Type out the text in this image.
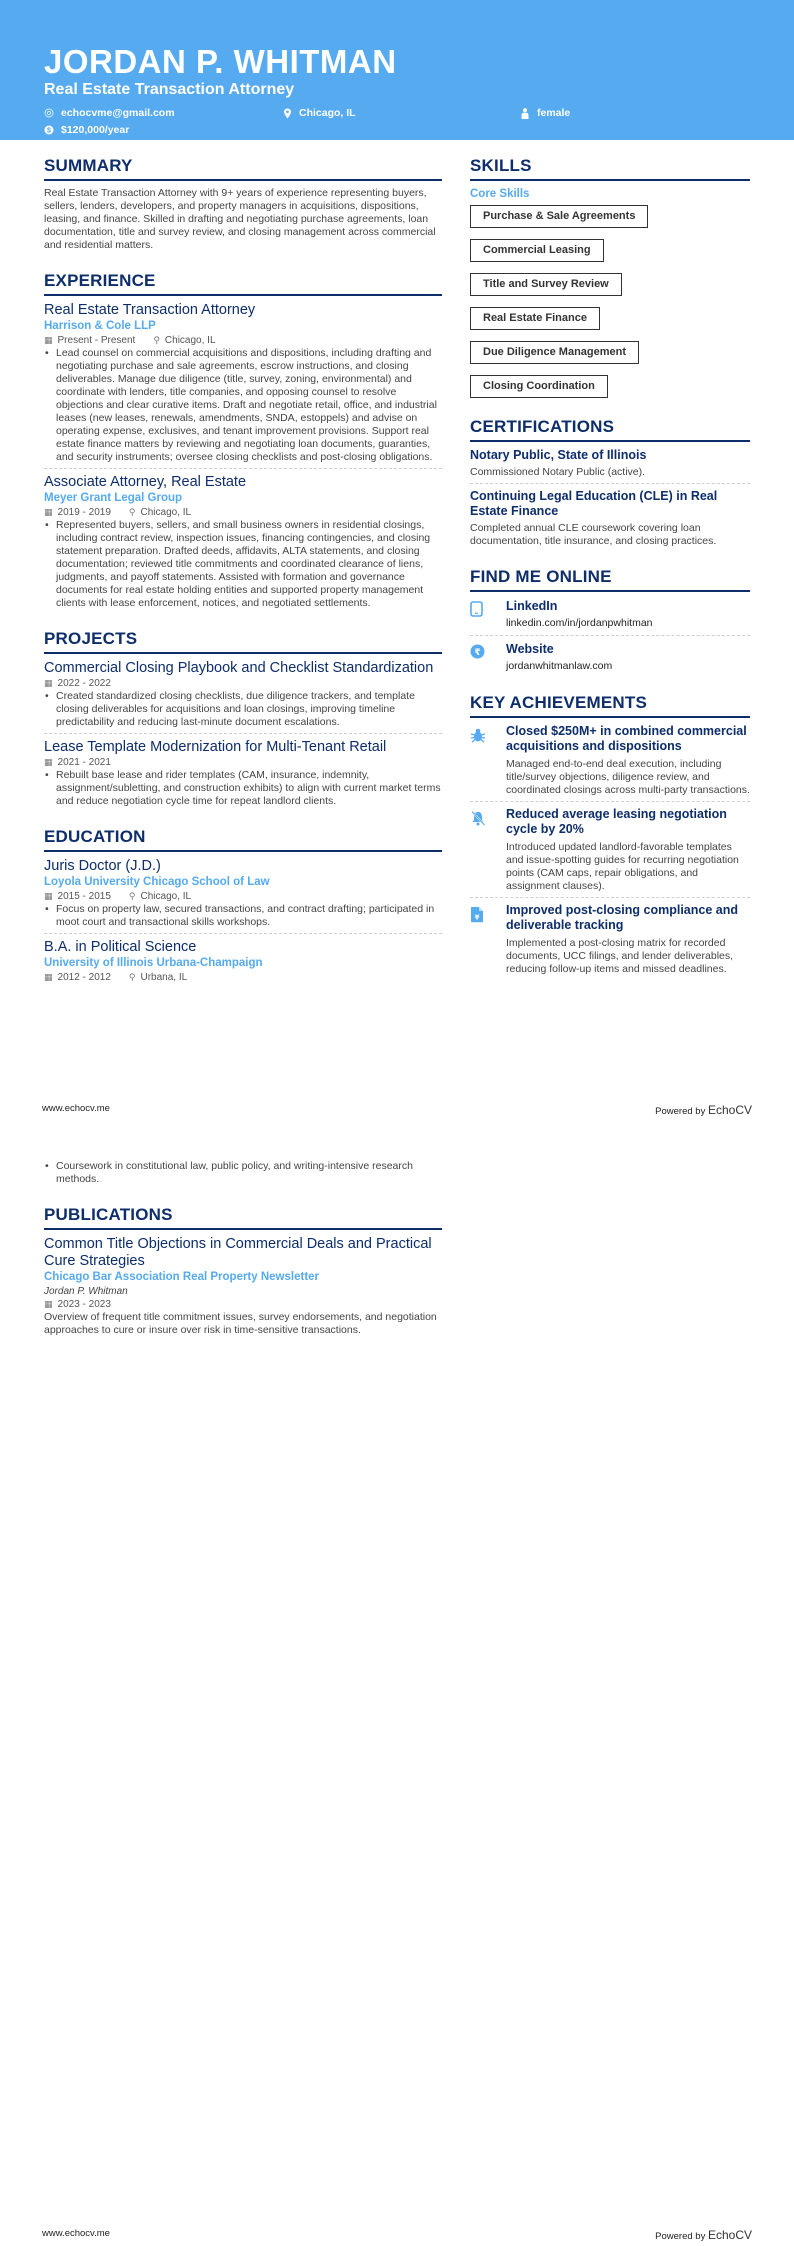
JORDAN P. WHITMAN
Real Estate Transaction Attorney
echocvme@gmail.com	Chicago, IL	female
$ $120,000/year
SUMMARY
Real Estate Transaction Attorney with 9+ years of experience representing buyers, sellers, lenders, developers, and property managers in acquisitions, dispositions, leasing, and finance. Skilled in drafting and negotiating purchase agreements, loan documentation, title and survey review, and closing management across commercial and residential matters.
EXPERIENCE
Real Estate Transaction Attorney
Harrison & Cole LLP
▦ Present - Present ⚲ Chicago, IL
• Lead counsel on commercial acquisitions and dispositions, including drafting and negotiating purchase and sale agreements, escrow instructions, and closing deliverables. Manage due diligence (title, survey, zoning, environmental) and coordinate with lenders, title companies, and opposing counsel to resolve objections and clear curative items. Draft and negotiate retail, office, and industrial leases (new leases, renewals, amendments, SNDA, estoppels) and advise on operating expense, exclusives, and tenant improvement provisions. Support real estate finance matters by reviewing and negotiating loan documents, guaranties, and security instruments; oversee closing checklists and post-closing obligations.
Associate Attorney, Real Estate
Meyer Grant Legal Group
▦ 2019 - 2019 ⚲ Chicago, IL
• Represented buyers, sellers, and small business owners in residential closings, including contract review, inspection issues, financing contingencies, and closing statement preparation. Drafted deeds, affidavits, ALTA statements, and closing documentation; reviewed title commitments and coordinated clearance of liens, judgments, and payoff statements. Assisted with formation and governance documents for real estate holding entities and supported property management clients with lease enforcement, notices, and negotiated settlements.
PROJECTS
Commercial Closing Playbook and Checklist Standardization
▦ 2022 - 2022
• Created standardized closing checklists, due diligence trackers, and template closing deliverables for acquisitions and loan closings, improving timeline predictability and reducing last-minute document escalations.
Lease Template Modernization for Multi-Tenant Retail
▦ 2021 - 2021
• Rebuilt base lease and rider templates (CAM, insurance, indemnity, assignment/subletting, and construction exhibits) to align with current market terms and reduce negotiation cycle time for repeat landlord clients.
EDUCATION
Juris Doctor (J.D.)
Loyola University Chicago School of Law
▦ 2015 - 2015 ⚲ Chicago, IL
• Focus on property law, secured transactions, and contract drafting; participated in moot court and transactional skills workshops.
B.A. in Political Science
University of Illinois Urbana-Champaign
▦ 2012 - 2012 ⚲ Urbana, IL
SKILLS
Core Skills
Purchase & Sale Agreements
Commercial Leasing
Title and Survey Review
Real Estate Finance
Due Diligence Management
Closing Coordination
CERTIFICATIONS
Notary Public, State of Illinois
Commissioned Notary Public (active).
Continuing Legal Education (CLE) in Real Estate Finance
Completed annual CLE coursework covering loan documentation, title insurance, and closing practices.
FIND ME ONLINE
LinkedIn
linkedin.com/in/jordanpwhitman
₹ Website
jordanwhitmanlaw.com
KEY ACHIEVEMENTS
Closed $250M+ in combined commercial acquisitions and dispositions
Managed end-to-end deal execution, including title/survey objections, diligence review, and coordinated closings across multi-party transactions.
Reduced average leasing negotiation cycle by 20%
Introduced updated landlord-favorable templates and issue-spotting guides for recurring negotiation points (CAM caps, repair obligations, and assignment clauses).
¥
Improved post-closing compliance and deliverable tracking
Implemented a post-closing matrix for recorded documents, UCC filings, and lender deliverables, reducing follow-up items and missed deadlines.
www.echocv.me	Powered by EchoCV
• Coursework in constitutional law, public policy, and writing-intensive research methods.
PUBLICATIONS
Common Title Objections in Commercial Deals and Practical Cure Strategies
Chicago Bar Association Real Property Newsletter
Jordan P. Whitman
▦ 2023 - 2023
Overview of frequent title commitment issues, survey endorsements, and negotiation approaches to cure or insure over risk in time-sensitive transactions.
www.echocv.me	Powered by EchoCV
